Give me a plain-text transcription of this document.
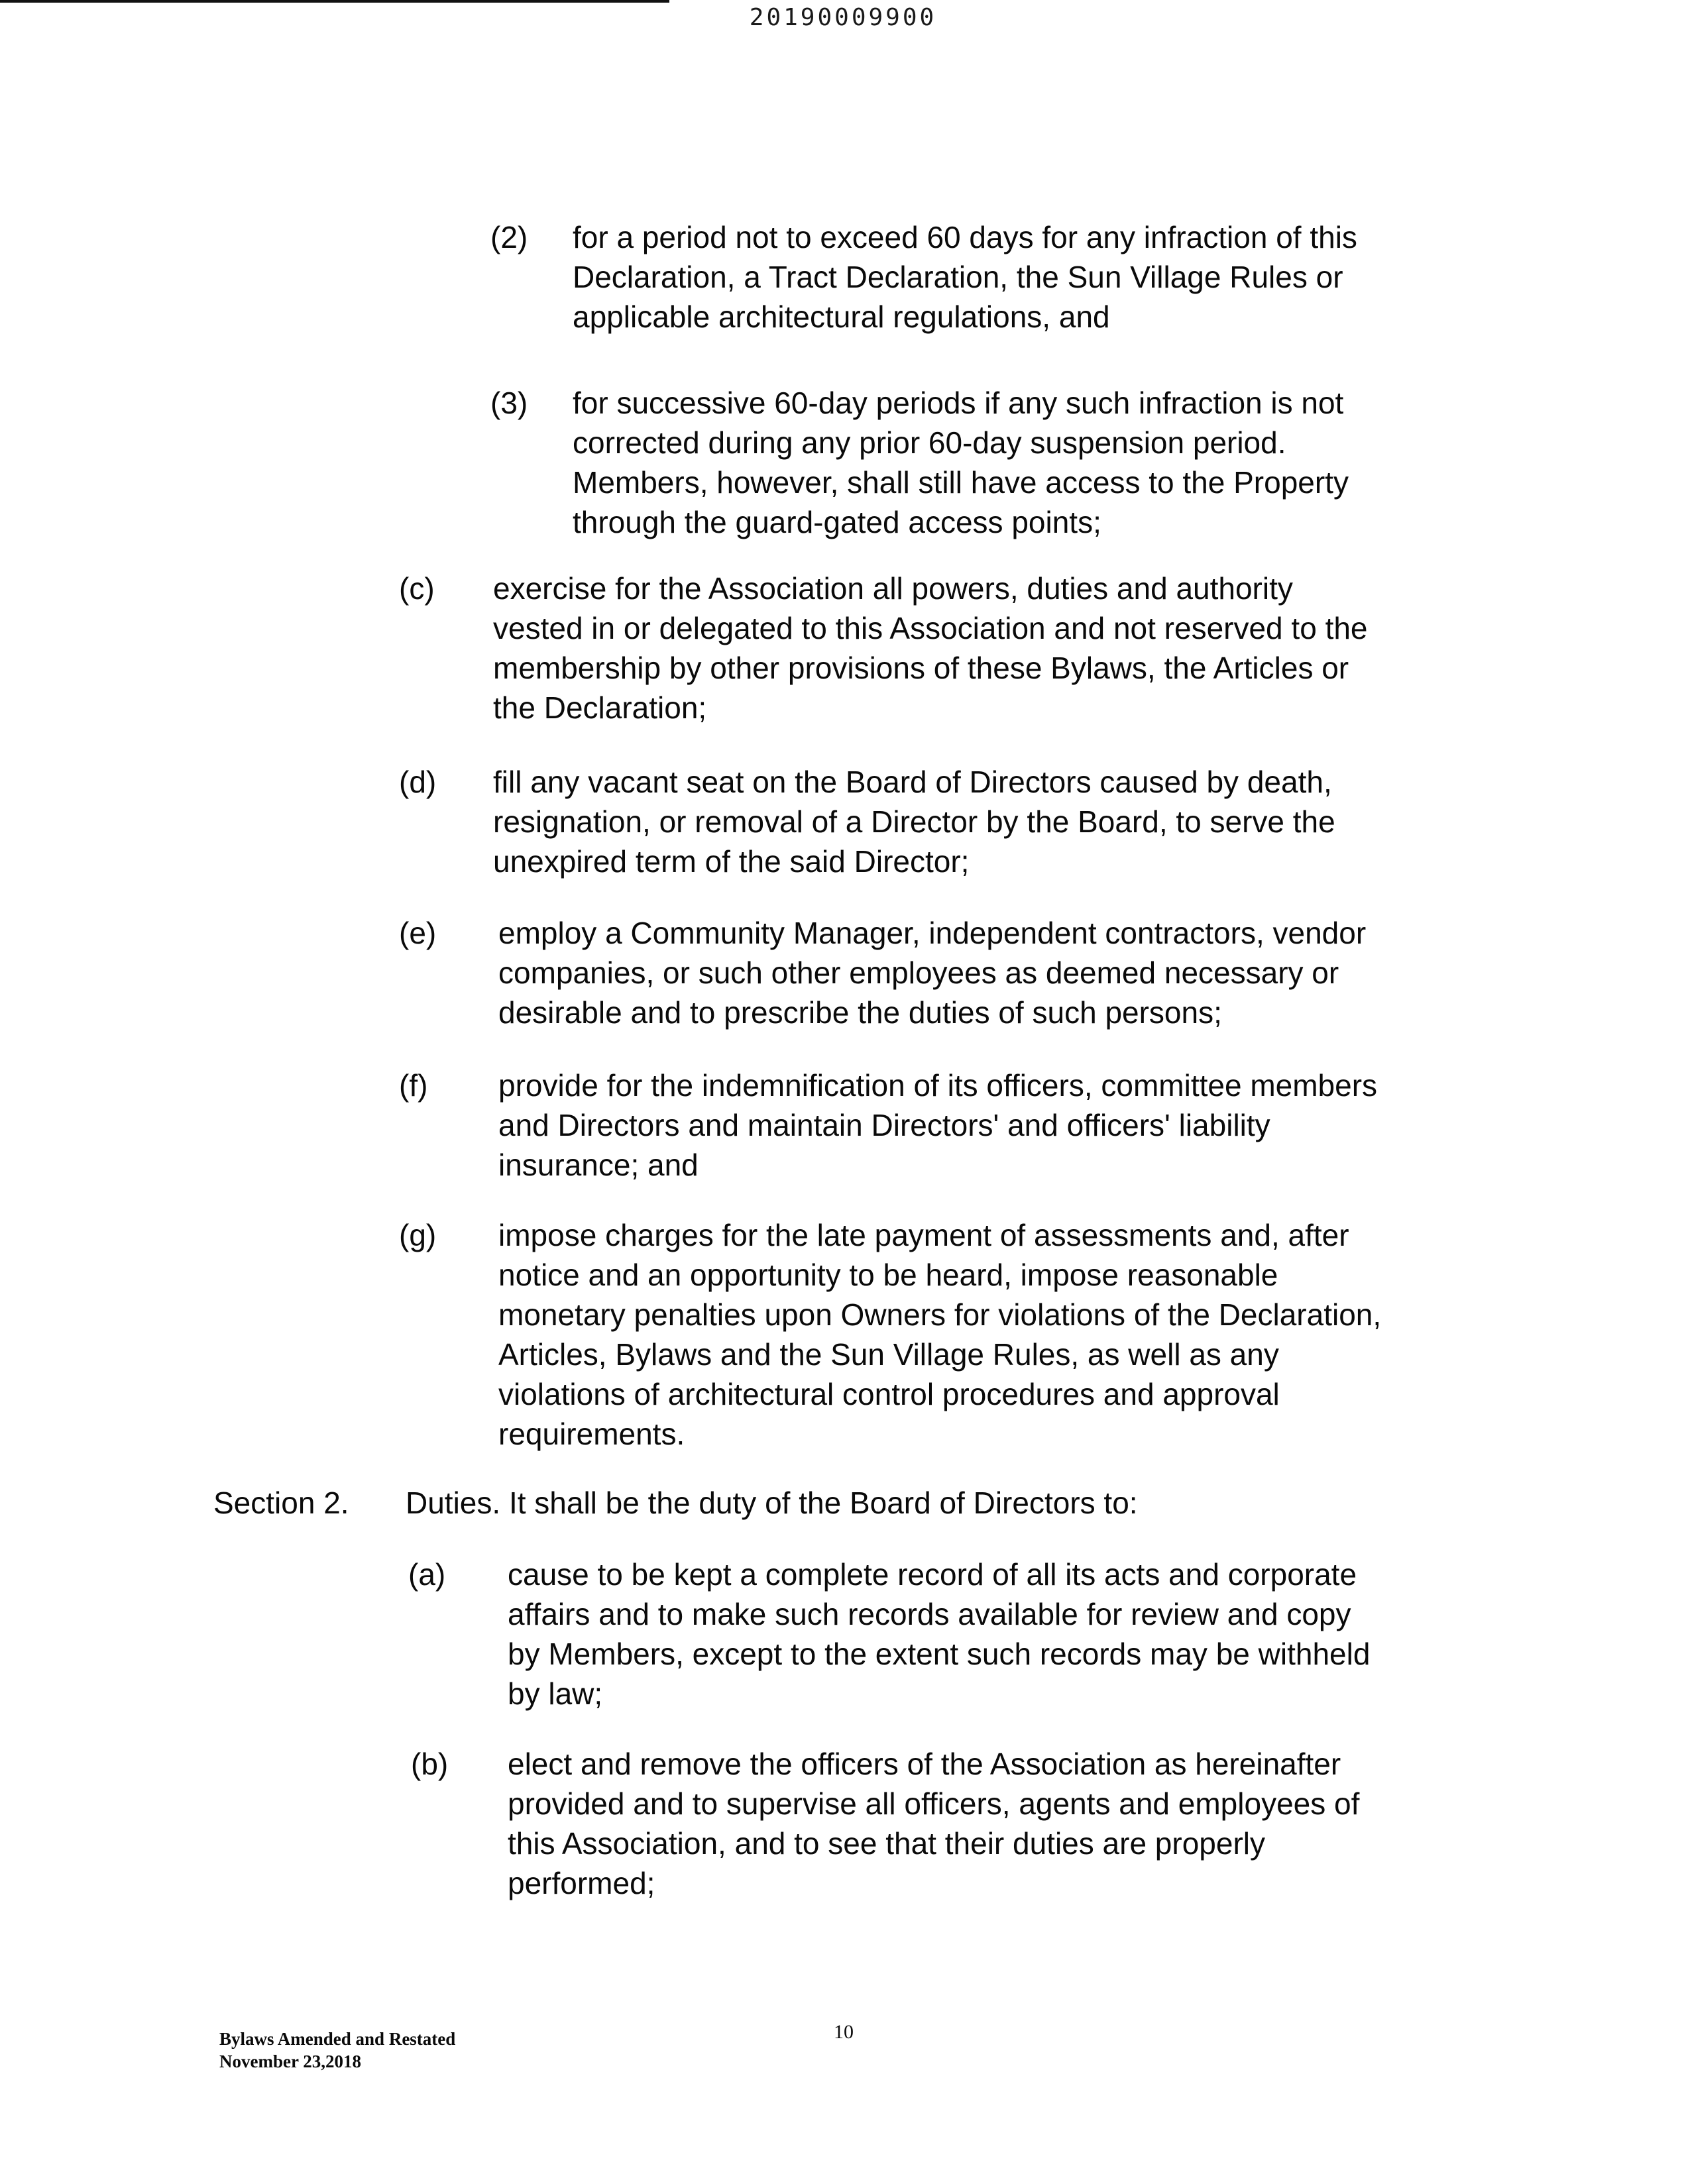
20190009900
(2) for a period not to exceed 60 days for any infraction of this
Declaration, a Tract Declaration, the Sun Village Rules or
applicable architectural regulations, and
(3) for successive 60-day periods if any such infraction is not
corrected during any prior 60-day suspension period.
Members, however, shall still have access to the Property
through the guard-gated access points;
(c) exercise for the Association all powers, duties and authority
vested in or delegated to this Association and not reserved to the
membership by other provisions of these Bylaws, the Articles or
the Declaration;
(d) fill any vacant seat on the Board of Directors caused by death,
resignation, or removal of a Director by the Board, to serve the
unexpired term of the said Director;
(e) employ a Community Manager, independent contractors, vendor
companies, or such other employees as deemed necessary or
desirable and to prescribe the duties of such persons;
(f) provide for the indemnification of its officers, committee members
and Directors and maintain Directors' and officers' liability
insurance; and
(g) impose charges for the late payment of assessments and, after
notice and an opportunity to be heard, impose reasonable
monetary penalties upon Owners for violations of the Declaration,
Articles, Bylaws and the Sun Village Rules, as well as any
violations of architectural control procedures and approval
requirements.
Section 2. Duties. It shall be the duty of the Board of Directors to:
(a) cause to be kept a complete record of all its acts and corporate
affairs and to make such records available for review and copy
by Members, except to the extent such records may be withheld
by law;
(b) elect and remove the officers of the Association as hereinafter
provided and to supervise all officers, agents and employees of
this Association, and to see that their duties are properly
performed;
Bylaws Amended and Restated
November 23,2018
10
